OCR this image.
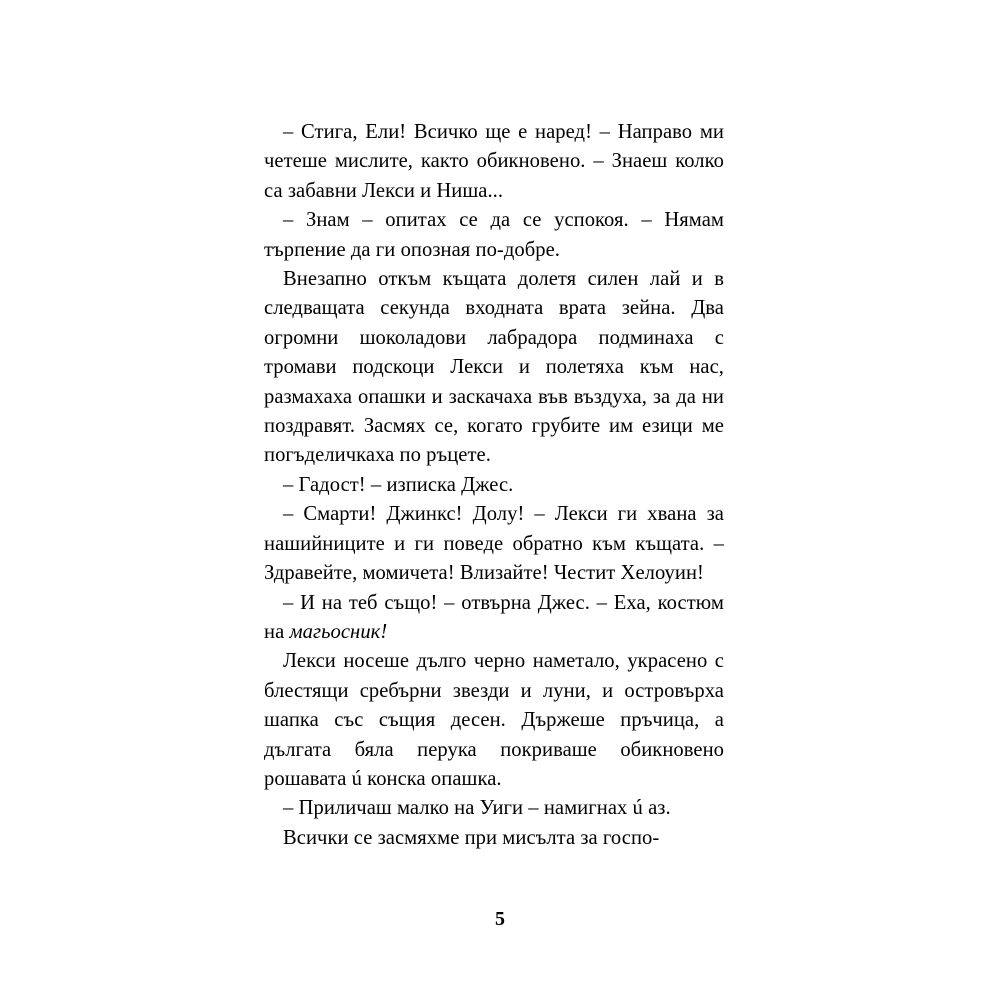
– Стига, Ели! Всичко ще е наред! – Направо ми четеше мислите, както обикновено. – Знаеш колко са забавни Лекси и Ниша...

– Знам – опитах се да се успокоя. – Нямам търпение да ги опозная по-добре.

Внезапно откъм къщата долетя силен лай и в следващата секунда входната врата зейна. Два огромни шоколадови лабрадора подминаха с тромави подскоци Лекси и полетяха към нас, размахаха опашки и заскачаха във въздуха, за да ни поздравят. Засмях се, когато грубите им езици ме погъделичкаха по ръцете.

– Гадост! – изписка Джес.

– Смарти! Джинкс! Долу! – Лекси ги хвана за нашийниците и ги поведе обратно към къщата. – Здравейте, момичета! Влизайте! Честит Хелоуин!

– И на теб също! – отвърна Джес. – Еха, костюм на магьосник!

Лекси носеше дълго черно наметало, украсено с блестящи сребърни звезди и луни, и островърха шапка със същия десен. Държеше пръчица, а дългата бяла перука покриваше обикновено рошавата ú конска опашка.

– Приличаш малко на Уиги – намигнах ú аз.

Всички се засмяхме при мисълта за госпо-

5
